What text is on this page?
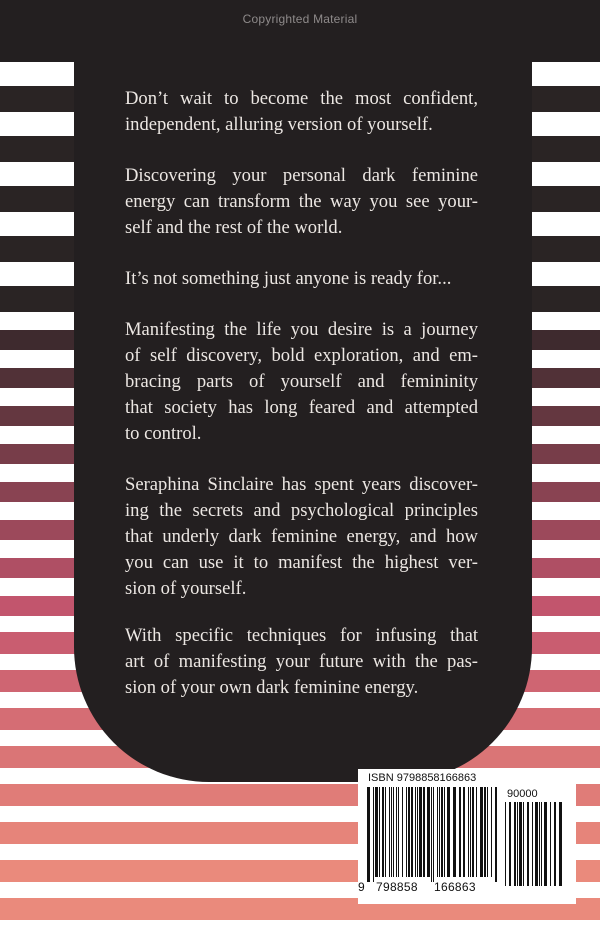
Copyrighted Material
Don’t wait to become the most confident,
independent, alluring version of yourself.
Discovering your personal dark feminine
energy can transform the way you see your-
self and the rest of the world.
It’s not something just anyone is ready for...
Manifesting the life you desire is a journey
of self discovery, bold exploration, and em-
bracing parts of yourself and femininity
that society has long feared and attempted
to control.
Seraphina Sinclaire has spent years discover-
ing the secrets and psychological principles
that underly dark feminine energy, and how
you can use it to manifest the highest ver-
sion of yourself.
With specific techniques for infusing that
art of manifesting your future with the pas-
sion of your own dark feminine energy.
ISBN 9798858166863
90000
9 798858 166863
